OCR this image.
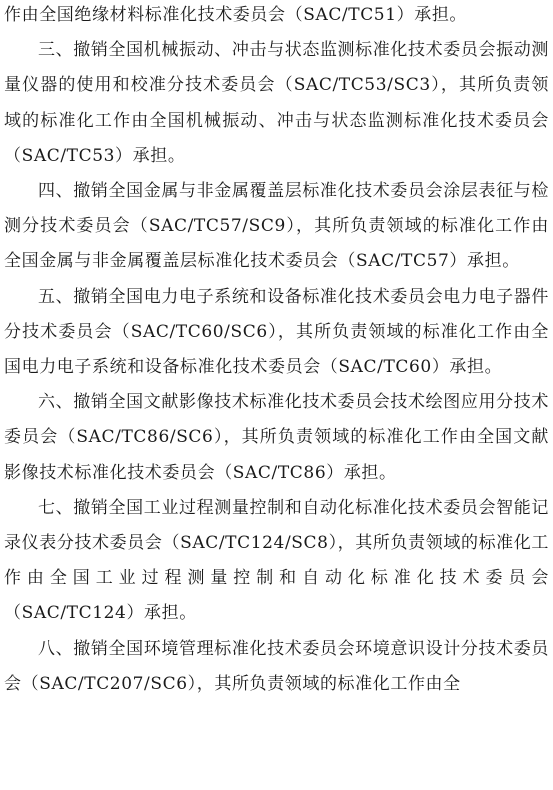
作由全国绝缘材料标准化技术委员会（SAC/TC51）承担。

三、撤销全国机械振动、冲击与状态监测标准化技术委员会振动测量仪器的使用和校准分技术委员会（SAC/TC53/SC3），其所负责领域的标准化工作由全国机械振动、冲击与状态监测标准化技术委员会（SAC/TC53）承担。

四、撤销全国金属与非金属覆盖层标准化技术委员会涂层表征与检测分技术委员会（SAC/TC57/SC9），其所负责领域的标准化工作由全国金属与非金属覆盖层标准化技术委员会（SAC/TC57）承担。

五、撤销全国电力电子系统和设备标准化技术委员会电力电子器件分技术委员会（SAC/TC60/SC6），其所负责领域的标准化工作由全国电力电子系统和设备标准化技术委员会（SAC/TC60）承担。

六、撤销全国文献影像技术标准化技术委员会技术绘图应用分技术委员会（SAC/TC86/SC6），其所负责领域的标准化工作由全国文献影像技术标准化技术委员会（SAC/TC86）承担。

七、撤销全国工业过程测量控制和自动化标准化技术委员会智能记录仪表分技术委员会（SAC/TC124/SC8），其所负责领域的标准化工作由全国工业过程测量控制和自动化标准化技术委员会（SAC/TC124）承担。

八、撤销全国环境管理标准化技术委员会环境意识设计分技术委员会（SAC/TC207/SC6），其所负责领域的标准化工作由全
